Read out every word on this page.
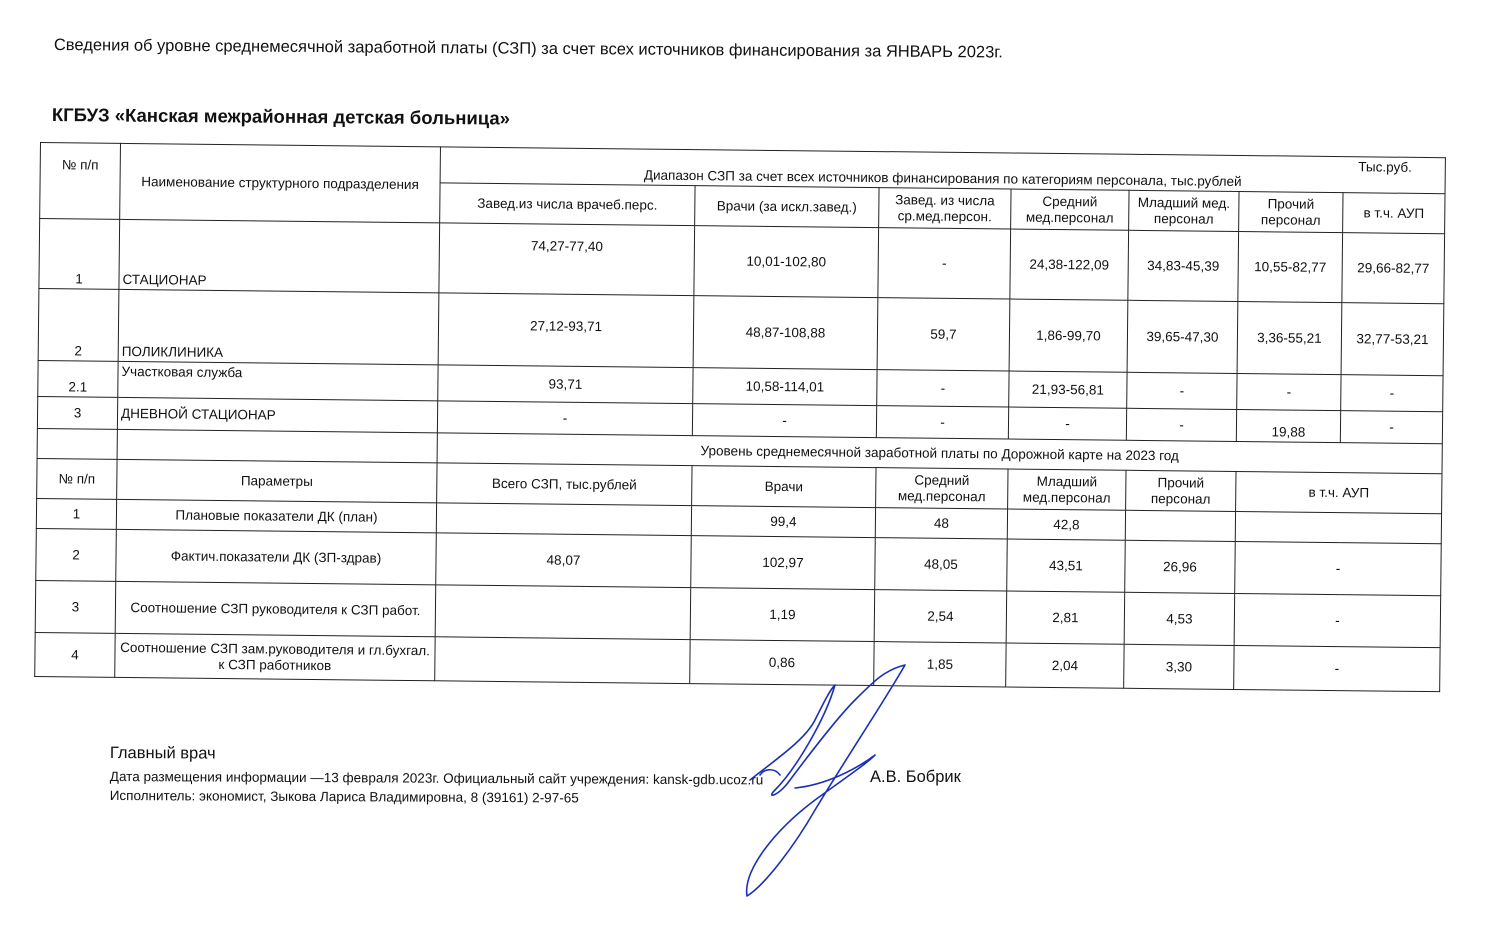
Сведения об уровне среднемесячной заработной платы (СЗП) за счет всех источников финансирования за ЯНВАРЬ 2023г.
КГБУЗ «Канская межрайонная детская больница»
№ п/п	Наименование структурного подразделения	Тыс.руб.
Диапазон СЗП за счет всех источников финансирования по категориям персонала, тыс.рублей						
		Завед.из числа врачеб.перс.	Врачи (за искл.завед.)	Завед. из числа ср.мед.персон.	Средний мед.персонал	Младший мед. персонал	Прочий персонал	в т.ч. АУП
1	СТАЦИОНАР	74,27-77,40	10,01-102,80	-	24,38-122,09	34,83-45,39	10,55-82,77	29,66-82,77
2	ПОЛИКЛИНИКА	27,12-93,71	48,87-108,88	59,7	1,86-99,70	39,65-47,30	3,36-55,21	32,77-53,21
2.1	Участковая служба	93,71	10,58-114,01	-	21,93-56,81	-	-	-
3	ДНЕВНОЙ СТАЦИОНАР	-	-	-	-	-	19,88	-
		Уровень среднемесячной заработной платы по Дорожной карте на 2023 год						
№ п/п	Параметры	Всего СЗП, тыс.рублей	Врачи	Средний мед.персонал	Младший мед.персонал	Прочий персонал	в т.ч. АУП	
1	Плановые показатели ДК (план)		99,4	48	42,8			
2	Фактич.показатели ДК (ЗП-здрав)	48,07	102,97	48,05	43,51	26,96	-	
3	Соотношение СЗП руководителя к СЗП работ.		1,19	2,54	2,81	4,53	-	
4	Соотношение СЗП зам.руководителя и гл.бухгал. к СЗП работников		0,86	1,85	2,04	3,30	-	
Главный врач
Дата размещения информации —13 февраля 2023г. Официальный сайт учреждения: kansk-gdb.ucoz.ru
Исполнитель: экономист, Зыкова Лариса Владимировна, 8 (39161) 2-97-65
А.В. Бобрик
